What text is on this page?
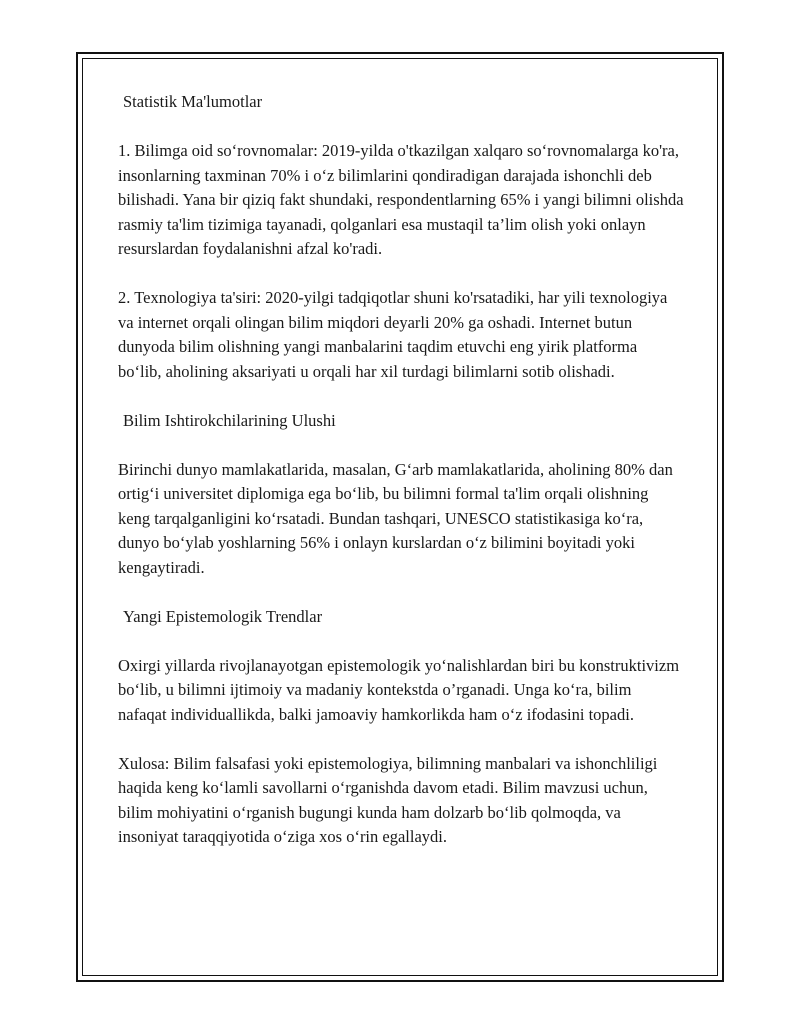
Statistik Ma'lumotlar

1. Bilimga oid so‘rovnomalar: 2019-yilda o'tkazilgan xalqaro so‘rovnomalarga ko'ra, insonlarning taxminan 70% i o‘z bilimlarini qondiradigan darajada ishonchli deb bilishadi. Yana bir qiziq fakt shundaki, respondentlarning 65% i yangi bilimni olishda rasmiy ta'lim tizimiga tayanadi, qolganlari esa mustaqil ta’lim olish yoki onlayn resurslardan foydalanishni afzal ko'radi.

2. Texnologiya ta'siri: 2020-yilgi tadqiqotlar shuni ko'rsatadiki, har yili texnologiya va internet orqali olingan bilim miqdori deyarli 20% ga oshadi. Internet butun dunyoda bilim olishning yangi manbalarini taqdim etuvchi eng yirik platforma bo‘lib, aholining aksariyati u orqali har xil turdagi bilimlarni sotib olishadi.

Bilim Ishtirokchilarining Ulushi

Birinchi dunyo mamlakatlarida, masalan, G‘arb mamlakatlarida, aholining 80% dan ortig‘i universitet diplomiga ega bo‘lib, bu bilimni formal ta'lim orqali olishning keng tarqalganligini ko‘rsatadi. Bundan tashqari, UNESCO statistikasiga ko‘ra, dunyo bo‘ylab yoshlarning 56% i onlayn kurslardan o‘z bilimini boyitadi yoki kengaytiradi.

Yangi Epistemologik Trendlar

Oxirgi yillarda rivojlanayotgan epistemologik yo‘nalishlardan biri bu konstruktivizm bo‘lib, u bilimni ijtimoiy va madaniy kontekstda o’rganadi. Unga ko‘ra, bilim nafaqat individuallikda, balki jamoaviy hamkorlikda ham o‘z ifodasini topadi.

Xulosa: Bilim falsafasi yoki epistemologiya, bilimning manbalari va ishonchliligi haqida keng ko‘lamli savollarni o‘rganishda davom etadi. Bilim mavzusi uchun, bilim mohiyatini o‘rganish bugungi kunda ham dolzarb bo‘lib qolmoqda, va insoniyat taraqqiyotida o‘ziga xos o‘rin egallaydi.
